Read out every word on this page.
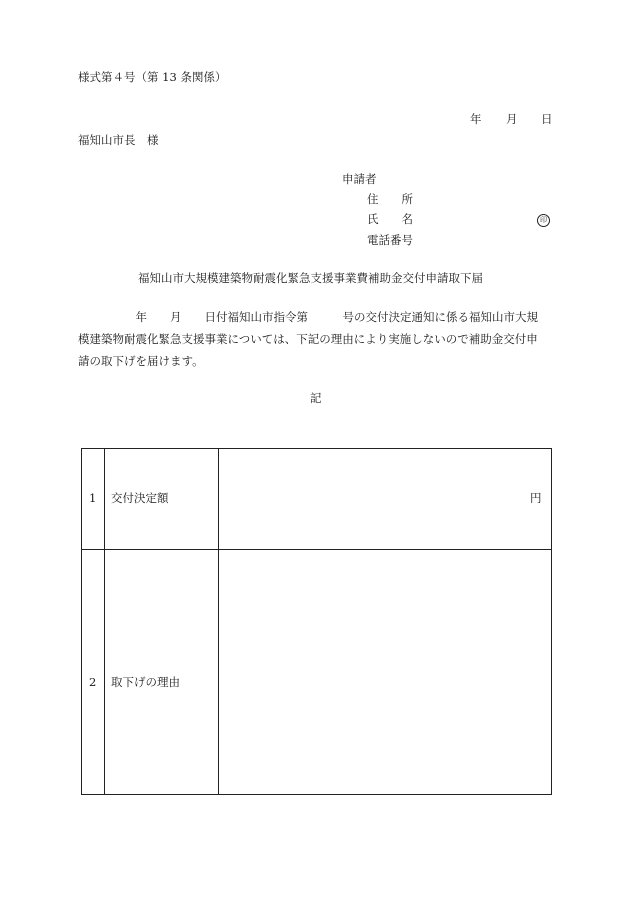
様式第４号（第 13 条関係）
年 月 日
福知山市長　様
申請者
住　　所
氏　　名	印
電話番号
福知山市大規模建築物耐震化緊急支援事業費補助金交付申請取下届
　　　　　年　　月　　日付福知山市指令第　　　号の交付決定通知に係る福知山市大規
模建築物耐震化緊急支援事業については、下記の理由により実施しないので補助金交付申
請の取下げを届けます。
記
1 交付決定額	円
2 取下げの理由
